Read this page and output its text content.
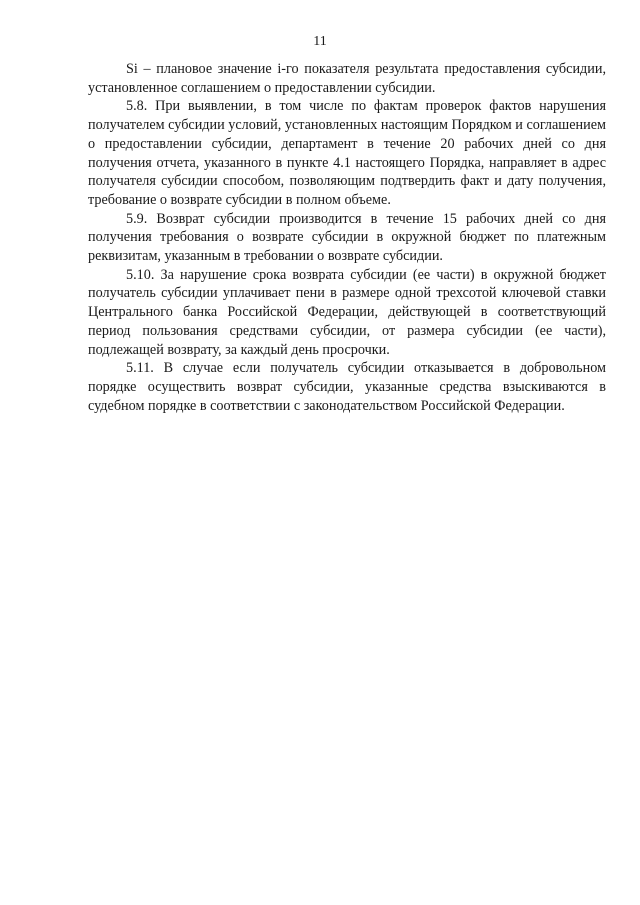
11

Si – плановое значение i-го показателя результата предоставления субсидии, установленное соглашением о предоставлении субсидии.

5.8. При выявлении, в том числе по фактам проверок фактов нарушения получателем субсидии условий, установленных настоящим Порядком и соглашением о предоставлении субсидии, департамент в течение 20 рабочих дней со дня получения отчета, указанного в пункте 4.1 настоящего Порядка, направляет в адрес получателя субсидии способом, позволяющим подтвердить факт и дату получения, требование о возврате субсидии в полном объеме.

5.9. Возврат субсидии производится в течение 15 рабочих дней со дня получения требования о возврате субсидии в окружной бюджет по платежным реквизитам, указанным в требовании о возврате субсидии.

5.10. За нарушение срока возврата субсидии (ее части) в окружной бюджет получатель субсидии уплачивает пени в размере одной трехсотой ключевой ставки Центрального банка Российской Федерации, действующей в соответствующий период пользования средствами субсидии, от размера субсидии (ее части), подлежащей возврату, за каждый день просрочки.

5.11. В случае если получатель субсидии отказывается в добровольном порядке осуществить возврат субсидии, указанные средства взыскиваются в судебном порядке в соответствии с законодательством Российской Федерации.
